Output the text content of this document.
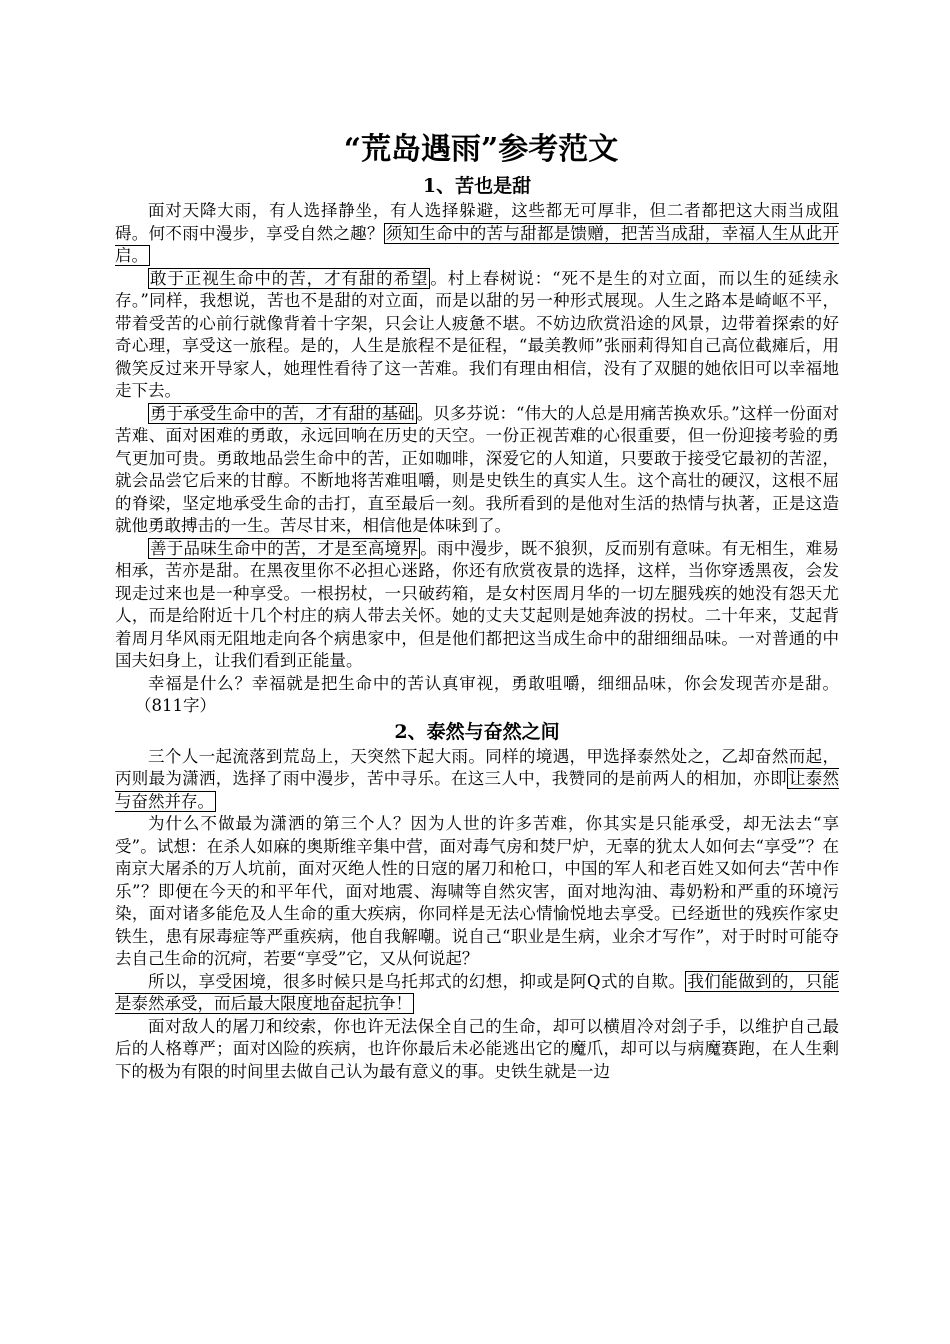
“荒岛遇雨”参考范文
1、苦也是甜

面对天降大雨，有人选择静坐，有人选择躲避，这些都无可厚非，但二者都把这大雨当成阻碍。何不雨中漫步，享受自然之趣？ 须知生命中的苦与甜都是馈赠，把苦当成甜，幸福人生从此开启。

敢于正视生命中的苦，才有甜的希望 。村上春树说：“死不是生的对立面，而以生的延续永存。”同样，我想说，苦也不是甜的对立面，而是以甜的另一种形式展现。人生之路本是崎岖不平，带着受苦的心前行就像背着十字架，只会让人疲惫不堪。不妨边欣赏沿途的风景，边带着探索的好奇心理，享受这一旅程。是的，人生是旅程不是征程，“最美教师”张丽莉得知自己高位截瘫后，用微笑反过来开导家人，她理性看待了这一苦难。我们有理由相信，没有了双腿的她依旧可以幸福地走下去。

勇于承受生命中的苦，才有甜的基础 。贝多芬说：“伟大的人总是用痛苦换欢乐。”这样一份面对苦难、面对困难的勇敢，永远回响在历史的天空。一份正视苦难的心很重要，但一份迎接考验的勇气更加可贵。勇敢地品尝生命中的苦，正如咖啡，深爱它的人知道，只要敢于接受它最初的苦涩，就会品尝它后来的甘醇。不断地将苦难咀嚼，则是史铁生的真实人生。这个高壮的硬汉，这根不屈的脊梁，坚定地承受生命的击打，直至最后一刻。我所看到的是他对生活的热情与执著，正是这造就他勇敢搏击的一生。苦尽甘来，相信他是体味到了。

善于品味生命中的苦，才是至高境界 。雨中漫步，既不狼狈，反而别有意味。有无相生，难易相承，苦亦是甜。在黑夜里你不必担心迷路，你还有欣赏夜景的选择，这样，当你穿透黑夜，会发现走过来也是一种享受。一根拐杖，一只破药箱，是女村医周月华的一切左腿残疾的她没有怨天尤人，而是给附近十几个村庄的病人带去关怀。她的丈夫艾起则是她奔波的拐杖。二十年来，艾起背着周月华风雨无阻地走向各个病患家中，但是他们都把这当成生命中的甜细细品味。一对普通的中国夫妇身上，让我们看到正能量。

幸福是什么？幸福就是把生命中的苦认真审视，勇敢咀嚼，细细品味，你会发现苦亦是甜。（811字）

2、泰然与奋然之间

三个人一起流落到荒岛上，天突然下起大雨。同样的境遇，甲选择泰然处之，乙却奋然而起，丙则最为潇洒，选择了雨中漫步，苦中寻乐。在这三人中，我赞同的是前两人的相加，亦即 让泰然与奋然并存。

为什么不做最为潇洒的第三个人？因为人世的许多苦难，你其实是只能承受，却无法去“享受”。试想：在杀人如麻的奥斯维辛集中营，面对毒气房和焚尸炉，无辜的犹太人如何去“享受”？在南京大屠杀的万人坑前，面对灭绝人性的日寇的屠刀和枪口，中国的军人和老百姓又如何去“苦中作乐”？即便在今天的和平年代，面对地震、海啸等自然灾害，面对地沟油、毒奶粉和严重的环境污染，面对诸多能危及人生命的重大疾病，你同样是无法心情愉悦地去享受。已经逝世的残疾作家史铁生，患有尿毒症等严重疾病，他自我解嘲。说自己“职业是生病，业余才写作”，对于时时可能夺去自己生命的沉疴，若要“享受”它，又从何说起？

所以，享受困境，很多时候只是乌托邦式的幻想，抑或是阿Q式的自欺。 我们能做到的，只能是泰然承受，而后最大限度地奋起抗争！

面对敌人的屠刀和绞索，你也许无法保全自己的生命，却可以横眉冷对刽子手，以维护自己最后的人格尊严；面对凶险的疾病，也许你最后未必能逃出它的魔爪，却可以与病魔赛跑，在人生剩下的极为有限的时间里去做自己认为最有意义的事。史铁生就是一边
